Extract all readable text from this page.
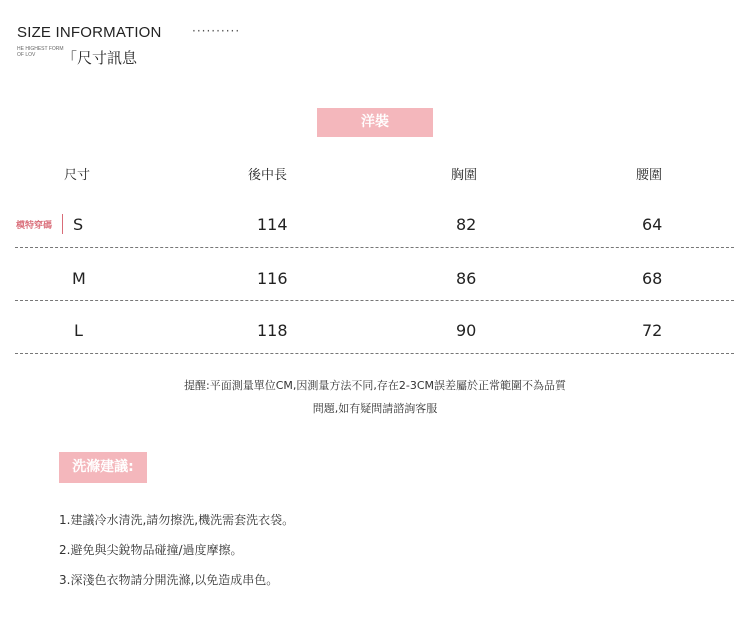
SIZE INFORMATION	··········
HE HIGHEST FORM OF LOV	「尺寸訊息
洋裝
尺寸	後中長	胸圍	腰圍
模特穿碼 S	114	82	64
M	116	86	68
L	118	90	72
提醒:平面測量單位CM,因測量方法不同,存在2-3CM誤差屬於正常範圍不為品質
問題,如有疑問請諮詢客服
洗滌建議:
1.建議冷水清洗,請勿擦洗,機洗需套洗衣袋。
2.避免與尖銳物品碰撞/過度摩擦。
3.深淺色衣物請分開洗滌,以免造成串色。
